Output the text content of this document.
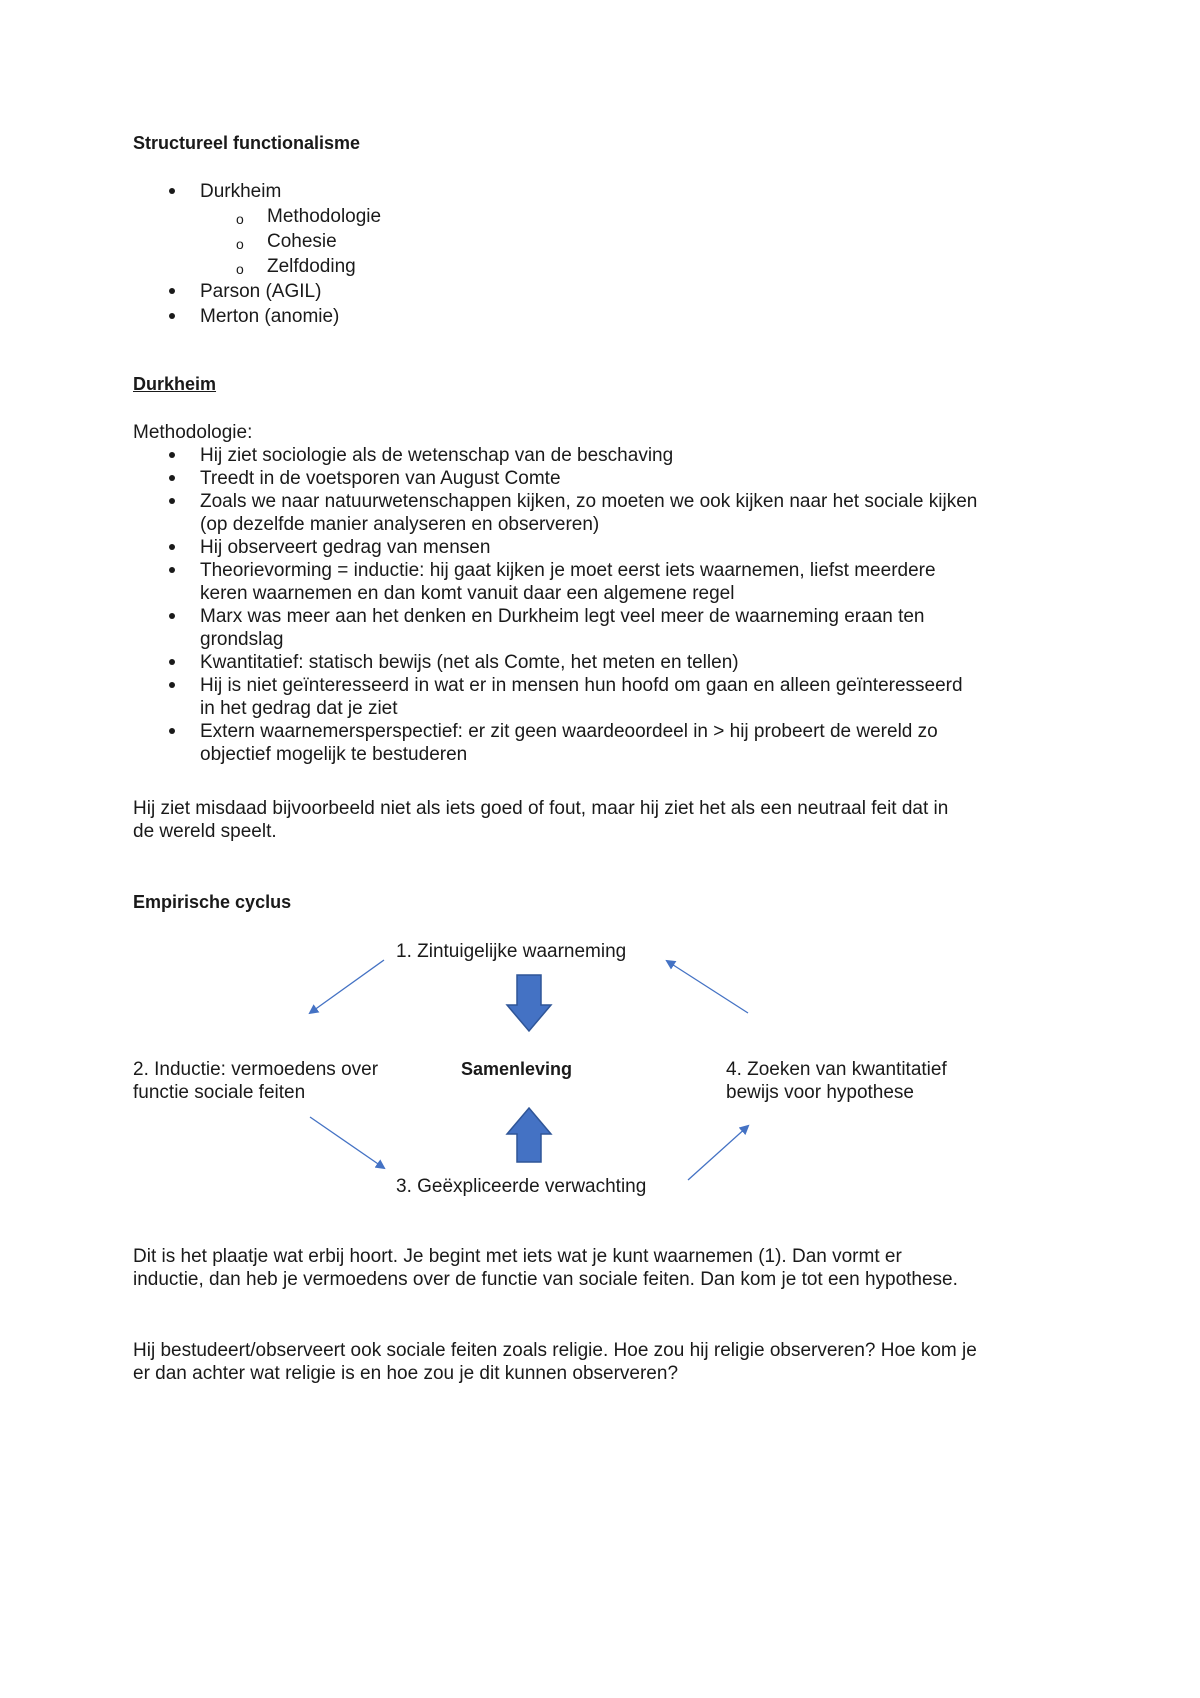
Structureel functionalisme
Durkheim
o Methodologie
o Cohesie
o Zelfdoding
Parson (AGIL)
Merton (anomie)
Durkheim
Methodologie:
Hij ziet sociologie als de wetenschap van de beschaving
Treedt in de voetsporen van August Comte
Zoals we naar natuurwetenschappen kijken, zo moeten we ook kijken naar het sociale kijken (op dezelfde manier analyseren en observeren)
Hij observeert gedrag van mensen
Theorievorming = inductie: hij gaat kijken je moet eerst iets waarnemen, liefst meerdere keren waarnemen en dan komt vanuit daar een algemene regel
Marx was meer aan het denken en Durkheim legt veel meer de waarneming eraan ten grondslag
Kwantitatief: statisch bewijs (net als Comte, het meten en tellen)
Hij is niet geïnteresseerd in wat er in mensen hun hoofd om gaan en alleen geïnteresseerd in het gedrag dat je ziet
Extern waarnemersperspectief: er zit geen waardeoordeel in > hij probeert de wereld zo objectief mogelijk te bestuderen
Hij ziet misdaad bijvoorbeeld niet als iets goed of fout, maar hij ziet het als een neutraal feit dat in de wereld speelt.
Empirische cyclus
1. Zintuigelijke waarneming
2. Inductie: vermoedens over functie sociale feiten
Samenleving	4. Zoeken van kwantitatief bewijs voor hypothese
3. Geëxpliceerde verwachting
Dit is het plaatje wat erbij hoort. Je begint met iets wat je kunt waarnemen (1). Dan vormt er inductie, dan heb je vermoedens over de functie van sociale feiten. Dan kom je tot een hypothese.
Hij bestudeert/observeert ook sociale feiten zoals religie. Hoe zou hij religie observeren? Hoe kom je er dan achter wat religie is en hoe zou je dit kunnen observeren?
